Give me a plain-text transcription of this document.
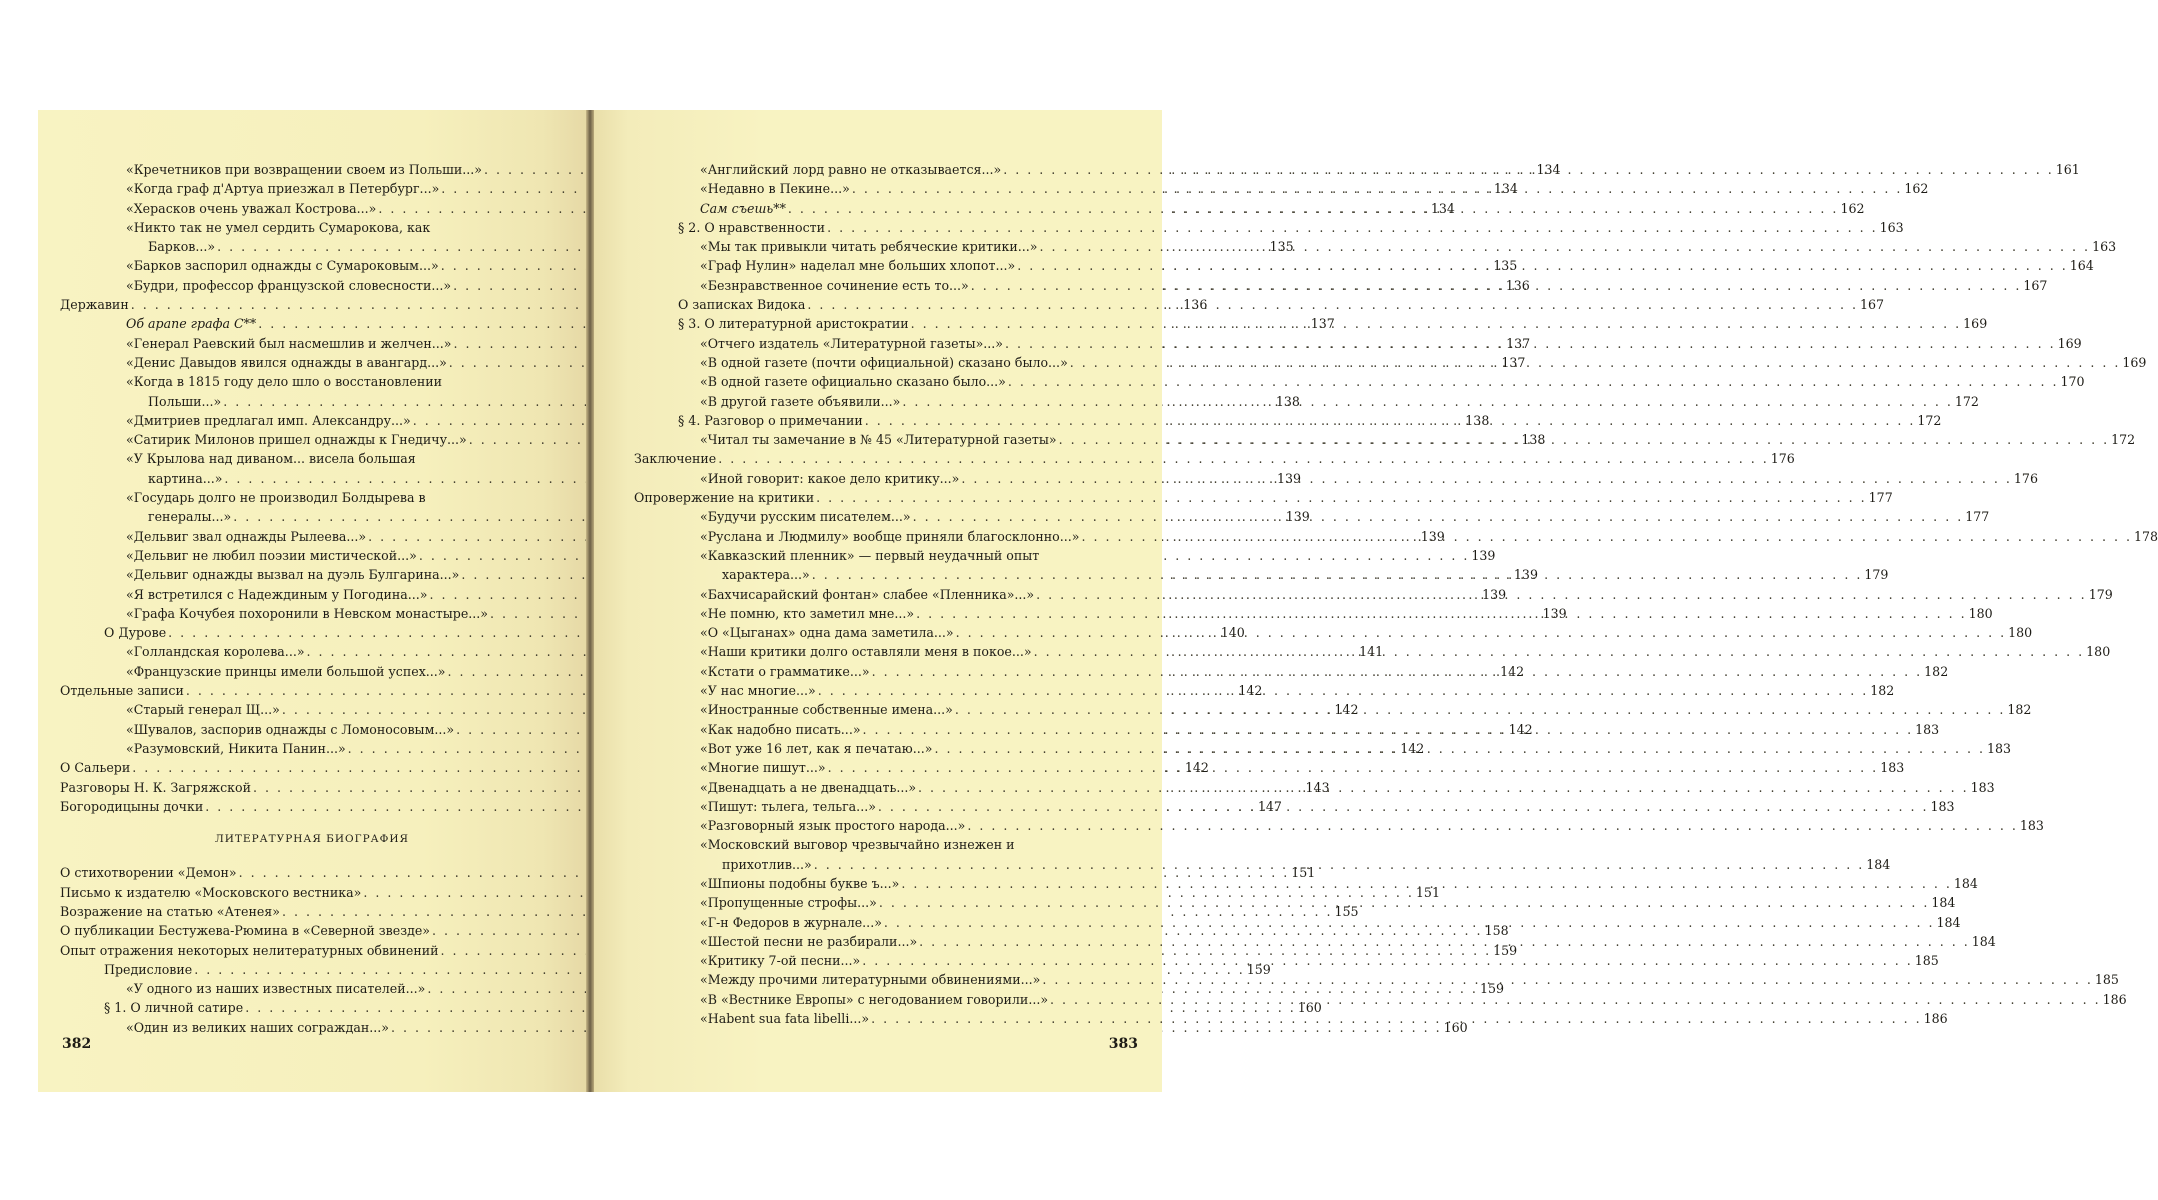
«Кречетников при возвращении своем из Польши...» . . .	134
«Когда граф д'Артуа приезжал в Петербург...» . . .	134
«Херасков очень уважал Кострова...» . . .	134
«Никто так не умел сердить Сумарокова, как
Барков...» . . .	135
«Барков заспорил однажды с Сумароковым...» . . .	135
«Будри, профессор французской словесности...» . . .	136
Державин . . .	136
Об арапе графа С** . . .	137
«Генерал Раевский был насмешлив и желчен...» . . .	137
«Денис Давыдов явился однажды в авангард...» . . .	137
«Когда в 1815 году дело шло о восстановлении
Польши...» . . .	138
«Дмитриев предлагал имп. Александру...» . . .	138
«Сатирик Милонов пришел однажды к Гнедичу...» . . .	138
«У Крылова над диваном... висела большая
картина...» . . .	139
«Государь долго не производил Болдырева в
генералы...» . . .	139
«Дельвиг звал однажды Рылеева...» . . .	139
«Дельвиг не любил поэзии мистической...» . . .	139
«Дельвиг однажды вызвал на дуэль Булгарина...» . . .	139
«Я встретился с Надеждиным у Погодина...» . . .	139
«Графа Кочубея похоронили в Невском монастыре...» . . .	139
О Дурове . . .	140
«Голландская королева...» . . .	141
«Французские принцы имели большой успех...» . . .	142
Отдельные записи . . .	142
«Старый генерал Щ...» . . .	142
«Шувалов, заспорив однажды с Ломоносовым...» . . .	142
«Разумовский, Никита Панин...» . . .	142
О Сальери . . .	142
Разговоры Н. К. Загряжской . . .	143
Богородицыны дочки . . .	147
ЛИТЕРАТУРНАЯ БИОГРАФИЯ
О стихотворении «Демон» . . .	151
Письмо к издателю «Московского вестника» . . .	151
Возражение на статью «Атенея» . . .	155
О публикации Бестужева-Рюмина в «Северной звезде» . . .	158
Опыт отражения некоторых нелитературных обвинений . . .	159
Предисловие . . .	159
«У одного из наших известных писателей...» . . .	159
§ 1. О личной сатире . . .	160
«Один из великих наших сограждан...» . . .	160
382
«Английский лорд равно не отказывается...» . . .	161
«Недавно в Пекине...» . . .	162
Сам съешь** . . .	162
§ 2. О нравственности . . .	163
«Мы так привыкли читать ребяческие критики...» . . .	163
«Граф Нулин» наделал мне больших хлопот...» . . .	164
«Безнравственное сочинение есть то...» . . .	167
О записках Видока . . .	167
§ 3. О литературной аристократии . . .	169
«Отчего издатель «Литературной газеты»...» . . .	169
«В одной газете (почти официальной) сказано было...» . . .	169
«В одной газете официально сказано было...» . . .	170
«В другой газете объявили...» . . .	172
§ 4. Разговор о примечании . . .	172
«Читал ты замечание в № 45 «Литературной газеты» . . .	172
Заключение . . .	176
«Иной говорит: какое дело критику...» . . .	176
Опровержение на критики . . .	177
«Будучи русским писателем...» . . .	177
«Руслана и Людмилу» вообще приняли благосклонно...» . . .	178
«Кавказский пленник» — первый неудачный опыт
характера...» . . .	179
«Бахчисарайский фонтан» слабее «Пленника»...» . . .	179
«Не помню, кто заметил мне...» . . .	180
«О «Цыганах» одна дама заметила...» . . .	180
«Наши критики долго оставляли меня в покое...» . . .	180
«Кстати о грамматике...» . . .	182
«У нас многие...» . . .	182
«Иностранные собственные имена...» . . .	182
«Как надобно писать...» . . .	183
«Вот уже 16 лет, как я печатаю...» . . .	183
«Многие пишут...» . . .	183
«Двенадцать а не двенадцать...» . . .	183
«Пишут: тьлега, тельга...» . . .	183
«Разговорный язык простого народа...» . . .	183
«Московский выговор чрезвычайно изнежен и
прихотлив...» . . .	184
«Шпионы подобны букве ъ...» . . .	184
«Пропущенные строфы...» . . .	184
«Г-н Федоров в журнале...» . . .	184
«Шестой песни не разбирали...» . . .	184
«Критику 7-ой песни...» . . .	185
«Между прочими литературными обвинениями...» . . .	185
«В «Вестнике Европы» с негодованием говорили...» . . .	186
«Habent sua fata libelli...» . . .	186
383
